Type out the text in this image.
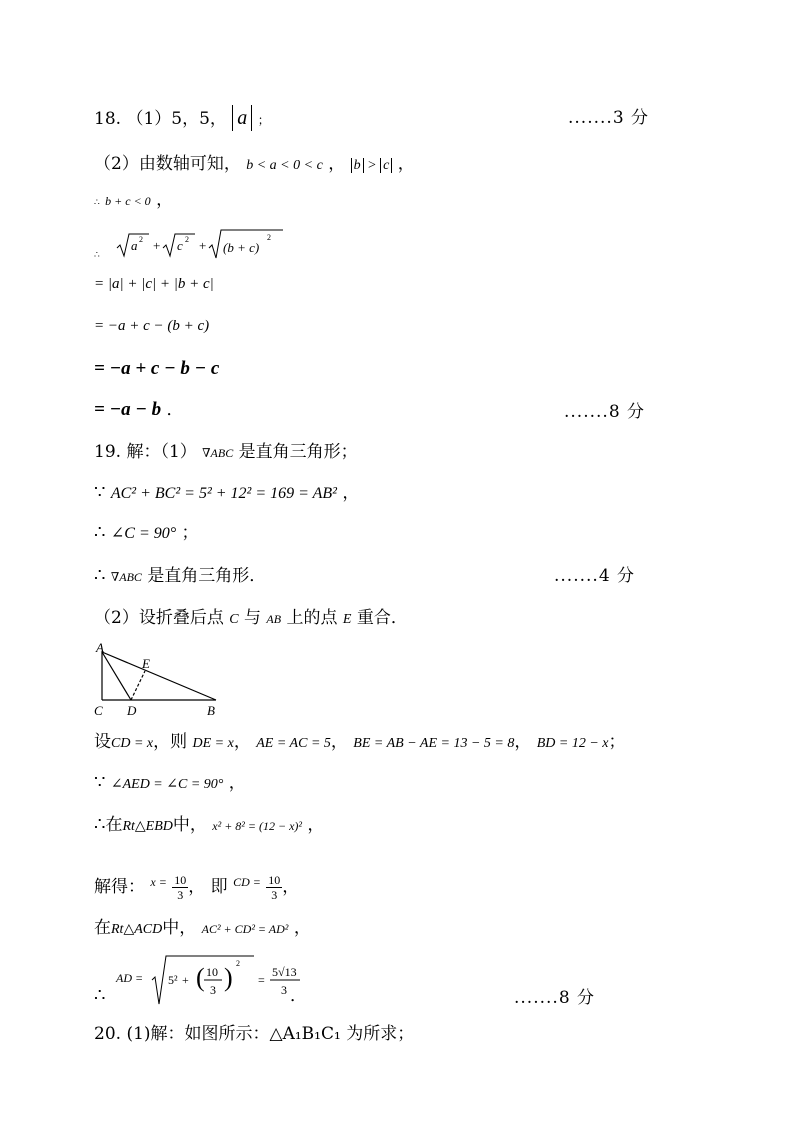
18. （1）5，5， a ；	.......3 分
（2）由数轴可知， b < a < 0 < c ， b > c ，
∴ b + c < 0 ，
$_\therefore$
a 2 + c 2 + (b + c)
2
= |a| + |c| + |b + c|
= −a + c − (b + c)
= −a + c − b − c
= −a − b ．	.......8 分
19. 解：（1） ∇ABC 是直角三角形；
∵ AC² + BC² = 5² + 12² = 169 = AB² ，
∴ ∠C = 90° ；
∴ ∇ABC 是直角三角形．	.......4 分
（2）设折叠后点 C 与 AB 上的点 E 重合．
A
E
C D	B
设CD = x，则 DE = x， AE = AC = 5， BE = AB − AE = 13 − 5 = 8， BD = 12 − x；
∵ ∠AED = ∠C = 90° ，
∴在Rt△EBD中， x² + 8² = (12 − x)² ，
解得： $^{x =} \frac{10}{3}$ ， 即 $^{CD =} \frac{10}{3}$ ，
在Rt△ACD中， AC² + CD² = AD² ，
∴
AD = 5² + ( 10
3 ) 2
=
5√13
3 ．	.......8 分
20. (1)解：如图所示：△A₁B₁C₁ 为所求；
